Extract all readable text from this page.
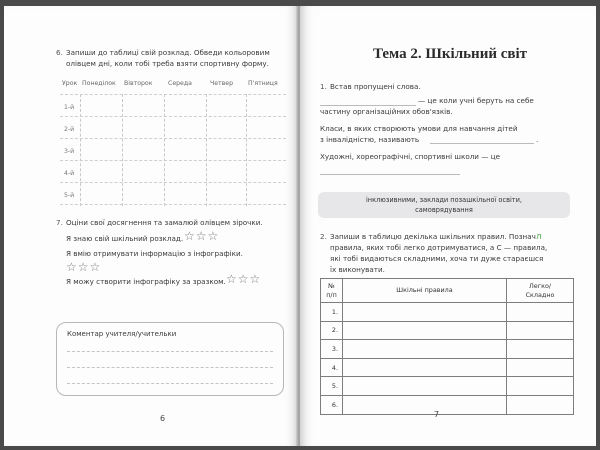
6. Запиши до таблиці свій розклад. Обведи кольоровим
олівцем дні, коли тобі треба взяти спортивну форму.
Урок Понеділок Вівторок	Середа	Четвер П'ятниця
1-й
2-й
3-й
4-й
5-й
7. Оціни свої досягнення та замалюй олівцем зірочки.
Я знаю свій шкільний розклад. ☆☆☆
Я вмію отримувати інформацію з інфографіки.
☆☆☆
Я можу створити інфографіку за зразком. ☆☆☆
Коментар учителя/учительки
6
Тема 2. Шкільний світ
1. Встав пропущені слова.
— це коли учні беруть на себе
частину організаційних обов'язків.
Класи, в яких створюють умови для навчання дітей
з інвалідністю, називають	.
Художні, хореографічні, спортивні школи — це
інклюзивними, заклади позашкільної освіти,
самоврядування
2. Запиши в таблицю декілька шкільних правил. Познач Л
правила, яких тобі легко дотримуватися, а С — правила,
які тобі видаються складними, хоча ти дуже стараєшся
їх виконувати.
№
п/п	Шкільні правила	Легко/
Складно
1.		
2.		
3.		
4.		
5.		
6.		
7
